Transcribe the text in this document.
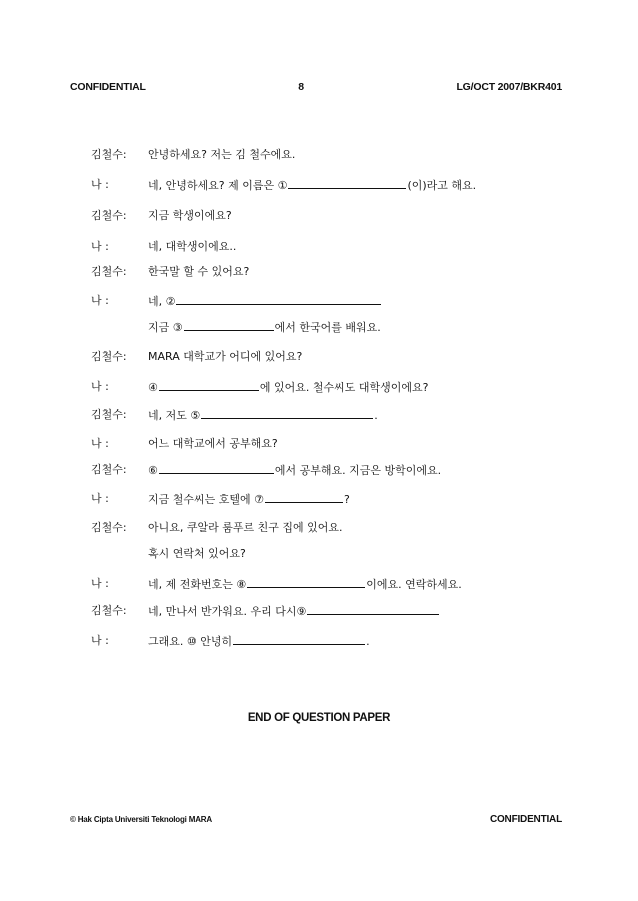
CONFIDENTIAL	8	LG/OCT 2007/BKR401
김철수:	안녕하세요? 저는 김 철수에요.
나 :	네, 안녕하세요? 제 이름은 ①	(이)라고 해요.
김철수:	지금 학생이에요?
나 :	네, 대학생이에요..
김철수:	한국말 할 수 있어요?
나 :	네, ②
지금 ③	에서 한국어를 배워요.
김철수:	MARA 대학교가 어디에 있어요?
나 :	④	에 있어요. 철수씨도 대학생이에요?
김철수:	네, 저도 ⑤	.
나 :	어느 대학교에서 공부해요?
김철수:	⑥	에서 공부해요. 지금은 방학이에요.
나 :	지금 철수씨는 호텔에 ⑦	?
김철수:	아니요, 쿠알라 룸푸르 친구 집에 있어요.
혹시 연락처 있어요?
나 :	네, 제 전화번호는 ⑧	이에요. 연락하세요.
김철수:	네, 만나서 반가워요. 우리 다시⑨
나 :	그래요. ⑩ 안녕히	.
END OF QUESTION PAPER
© Hak Cipta Universiti Teknologi MARA	CONFIDENTIAL
